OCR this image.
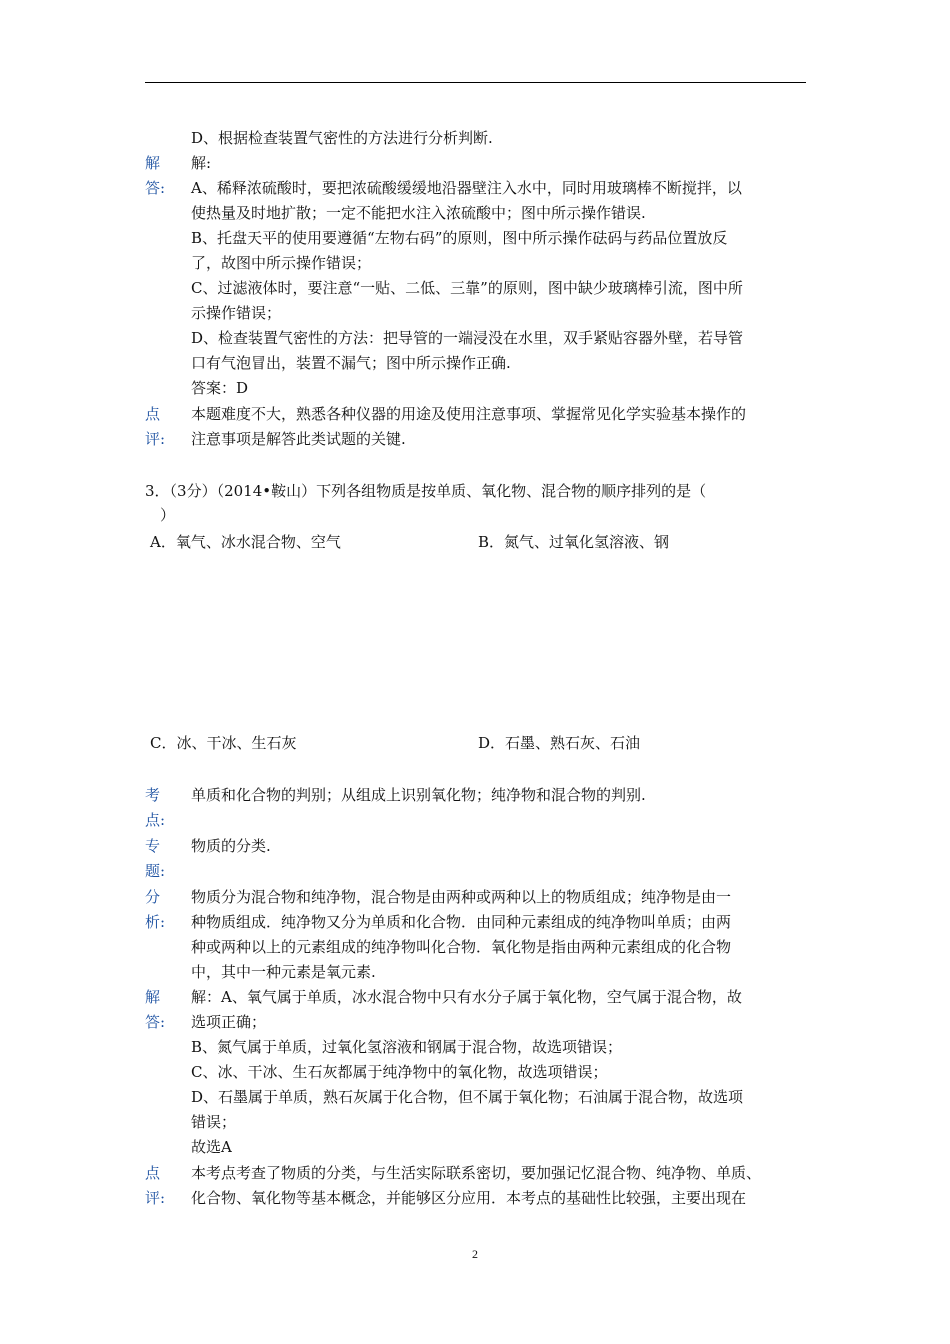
D、根据检查装置气密性的方法进行分析判断.
解
答:
解:
A、稀释浓硫酸时，要把浓硫酸缓缓地沿器壁注入水中，同时用玻璃棒不断搅拌，以
使热量及时地扩散；一定不能把水注入浓硫酸中；图中所示操作错误.
B、托盘天平的使用要遵循“左物右码”的原则，图中所示操作砝码与药品位置放反
了，故图中所示操作错误；
C、过滤液体时，要注意“一贴、二低、三靠”的原则，图中缺少玻璃棒引流，图中所
示操作错误；
D、检查装置气密性的方法：把导管的一端浸没在水里，双手紧贴容器外壁，若导管
口有气泡冒出，装置不漏气；图中所示操作正确.
答案：D
点
评:
本题难度不大，熟悉各种仪器的用途及使用注意事项、掌握常见化学实验基本操作的
注意事项是解答此类试题的关键.
3．（3分）（2014•鞍山）下列各组物质是按单质、氧化物、混合物的顺序排列的是（
）
A．氧气、冰水混合物、空气	B．氮气、过氧化氢溶液、钢
C．冰、干冰、生石灰	D．石墨、熟石灰、石油
考
点:
单质和化合物的判别；从组成上识别氧化物；纯净物和混合物的判别.
专
题:
物质的分类.
分
析:
物质分为混合物和纯净物，混合物是由两种或两种以上的物质组成；纯净物是由一
种物质组成．纯净物又分为单质和化合物．由同种元素组成的纯净物叫单质；由两
种或两种以上的元素组成的纯净物叫化合物．氧化物是指由两种元素组成的化合物
中，其中一种元素是氧元素.
解
答:
解：A、氧气属于单质，冰水混合物中只有水分子属于氧化物，空气属于混合物，故
选项正确；
B、氮气属于单质，过氧化氢溶液和钢属于混合物，故选项错误；
C、冰、干冰、生石灰都属于纯净物中的氧化物，故选项错误；
D、石墨属于单质，熟石灰属于化合物，但不属于氧化物；石油属于混合物，故选项
错误；
故选A
点
评:
本考点考查了物质的分类，与生活实际联系密切，要加强记忆混合物、纯净物、单质、
化合物、氧化物等基本概念，并能够区分应用．本考点的基础性比较强，主要出现在
2
